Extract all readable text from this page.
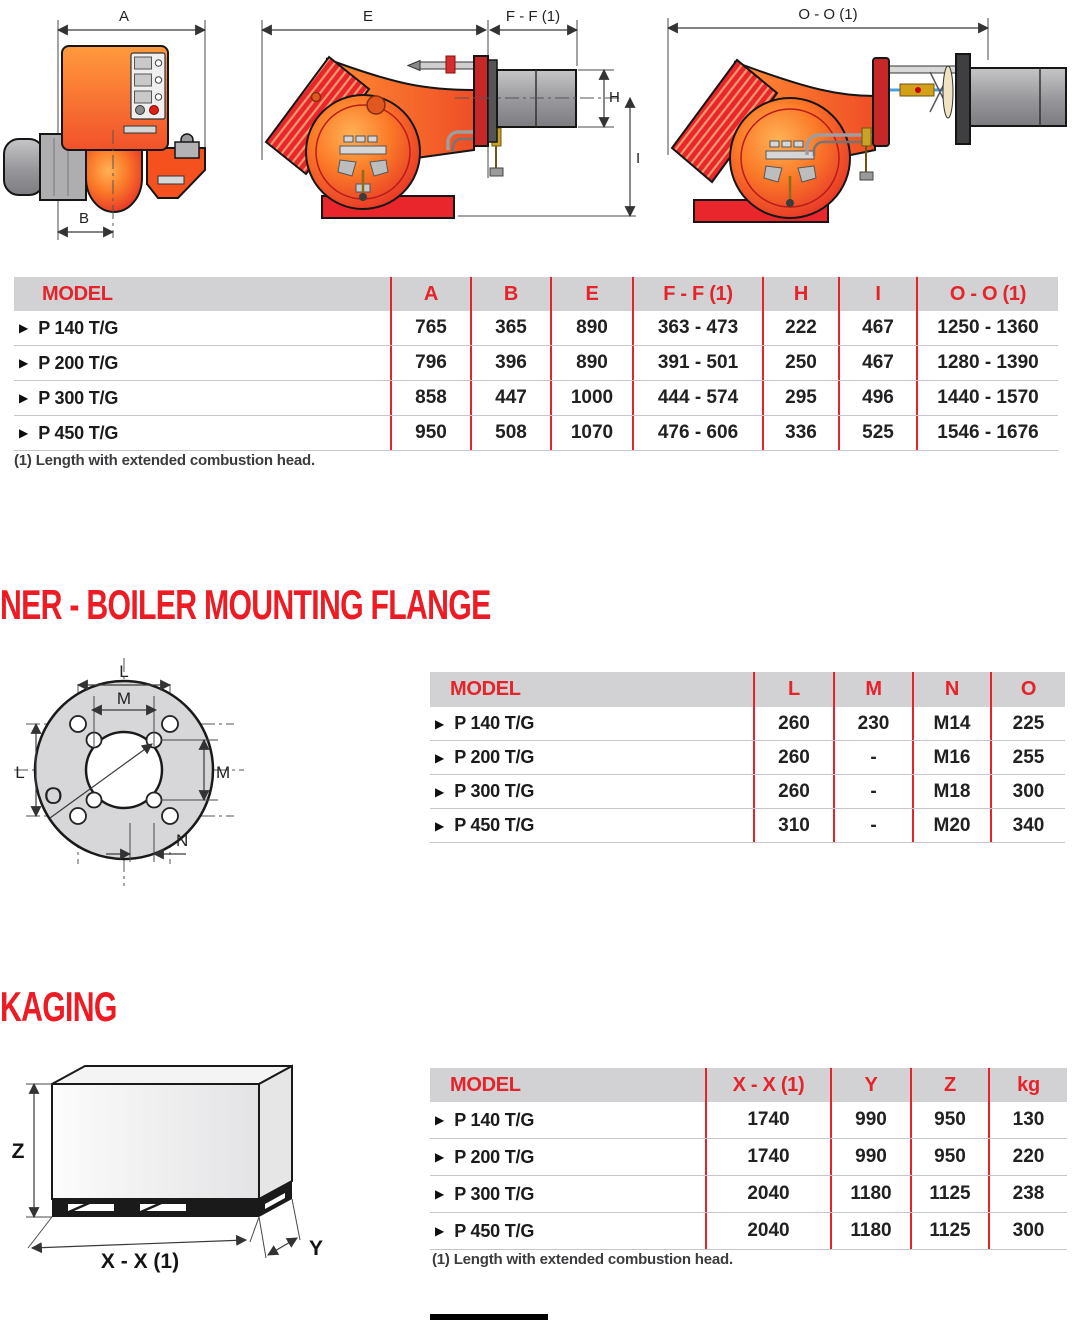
A
B
E	F - F (1)
H
I
O - O (1)
MODEL	A	B	E	F - F (1)	H	I	O - O (1)
▶ P 140 T/G	765	365	890	363 - 473	222	467	1250 - 1360
▶ P 200 T/G	796	396	890	391 - 501	250	467	1280 - 1390
▶ P 300 T/G	858	447	1000	444 - 574	295	496	1440 - 1570
▶ P 450 T/G	950	508	1070	476 - 606	336	525	1546 - 1676
(1) Length with extended combustion head.
NER - BOILER MOUNTING FLANGE
L
M
L	M
N
O
MODEL	L	M	N	O
▶ P 140 T/G	260	230	M14	225
▶ P 200 T/G	260	-	M16	255
▶ P 300 T/G	260	-	M18	300
▶ P 450 T/G	310	-	M20	340
KAGING
Z
X - X (1)
Y
MODEL	X - X (1)	Y	Z	kg
▶ P 140 T/G	1740	990	950	130
▶ P 200 T/G	1740	990	950	220
▶ P 300 T/G	2040	1180	1125	238
▶ P 450 T/G	2040	1180	1125	300
(1) Length with extended combustion head.
